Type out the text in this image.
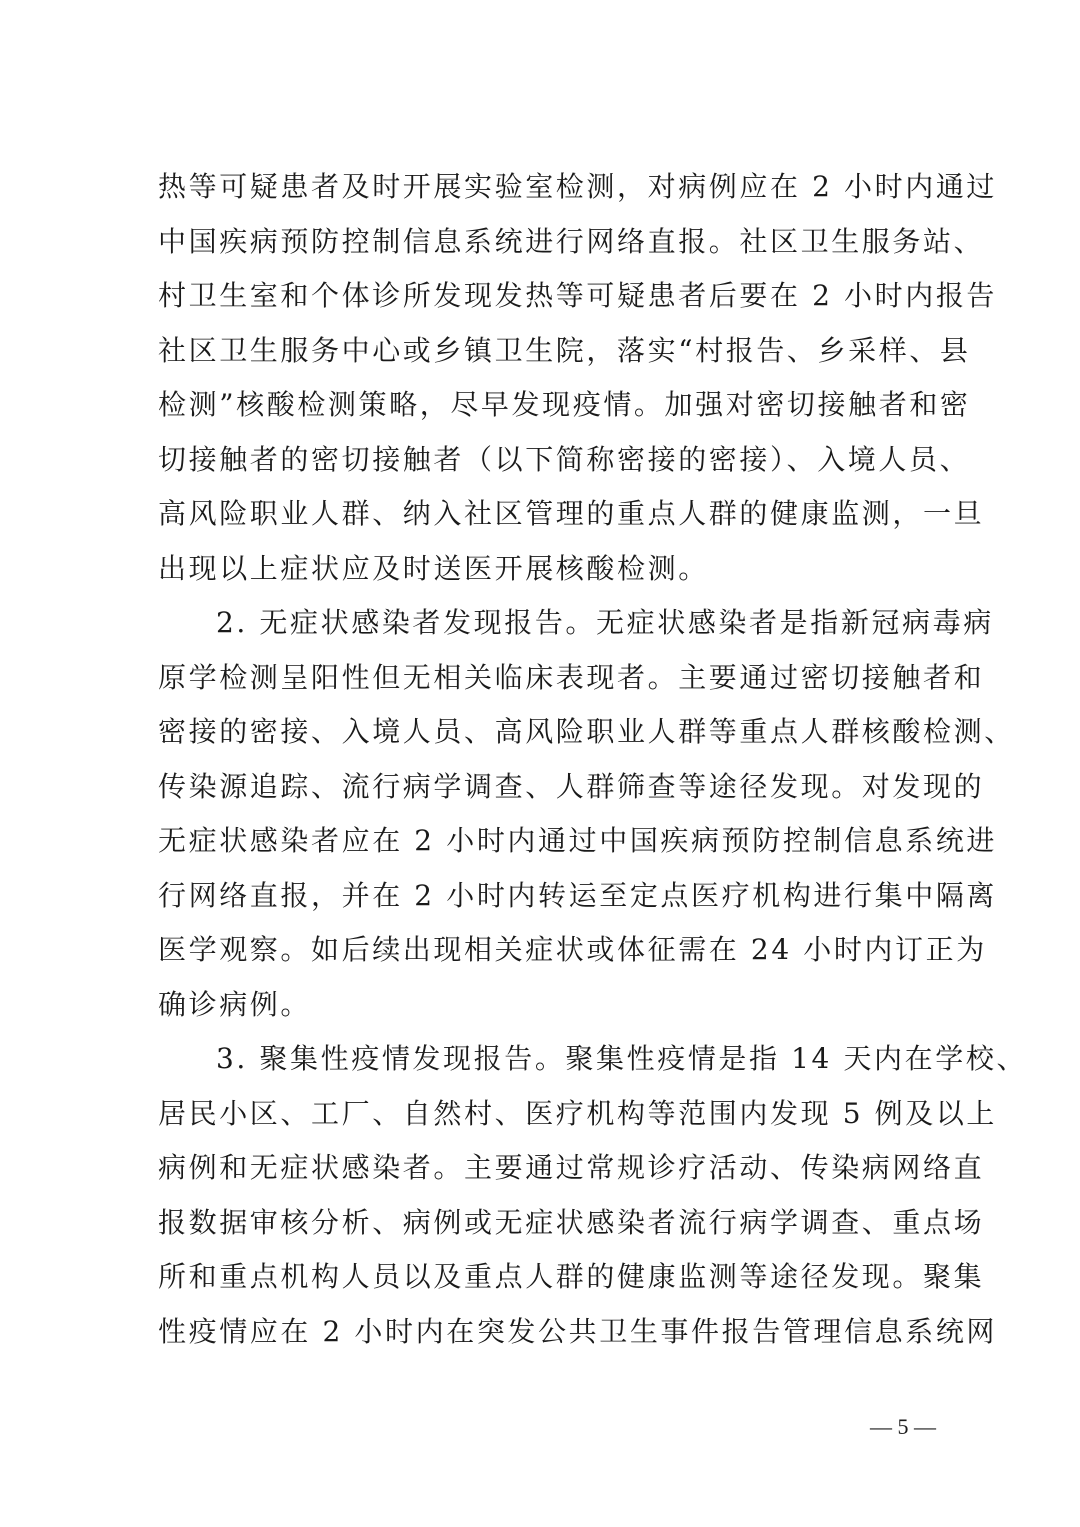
热等可疑患者及时开展实验室检测，对病例应在 2 小时内通过
中国疾病预防控制信息系统进行网络直报。社区卫生服务站、
村卫生室和个体诊所发现发热等可疑患者后要在 2 小时内报告
社区卫生服务中心或乡镇卫生院，落实“村报告、乡采样、县
检测”核酸检测策略，尽早发现疫情。加强对密切接触者和密
切接触者的密切接触者（以下简称密接的密接）、入境人员、
高风险职业人群、纳入社区管理的重点人群的健康监测，一旦
出现以上症状应及时送医开展核酸检测。
2. 无症状感染者发现报告。无症状感染者是指新冠病毒病
原学检测呈阳性但无相关临床表现者。主要通过密切接触者和
密接的密接、入境人员、高风险职业人群等重点人群核酸检测、
传染源追踪、流行病学调查、人群筛查等途径发现。对发现的
无症状感染者应在 2 小时内通过中国疾病预防控制信息系统进
行网络直报，并在 2 小时内转运至定点医疗机构进行集中隔离
医学观察。如后续出现相关症状或体征需在 24 小时内订正为
确诊病例。
3. 聚集性疫情发现报告。聚集性疫情是指 14 天内在学校、
居民小区、工厂、自然村、医疗机构等范围内发现 5 例及以上
病例和无症状感染者。主要通过常规诊疗活动、传染病网络直
报数据审核分析、病例或无症状感染者流行病学调查、重点场
所和重点机构人员以及重点人群的健康监测等途径发现。聚集
性疫情应在 2 小时内在突发公共卫生事件报告管理信息系统网
— 5 —
